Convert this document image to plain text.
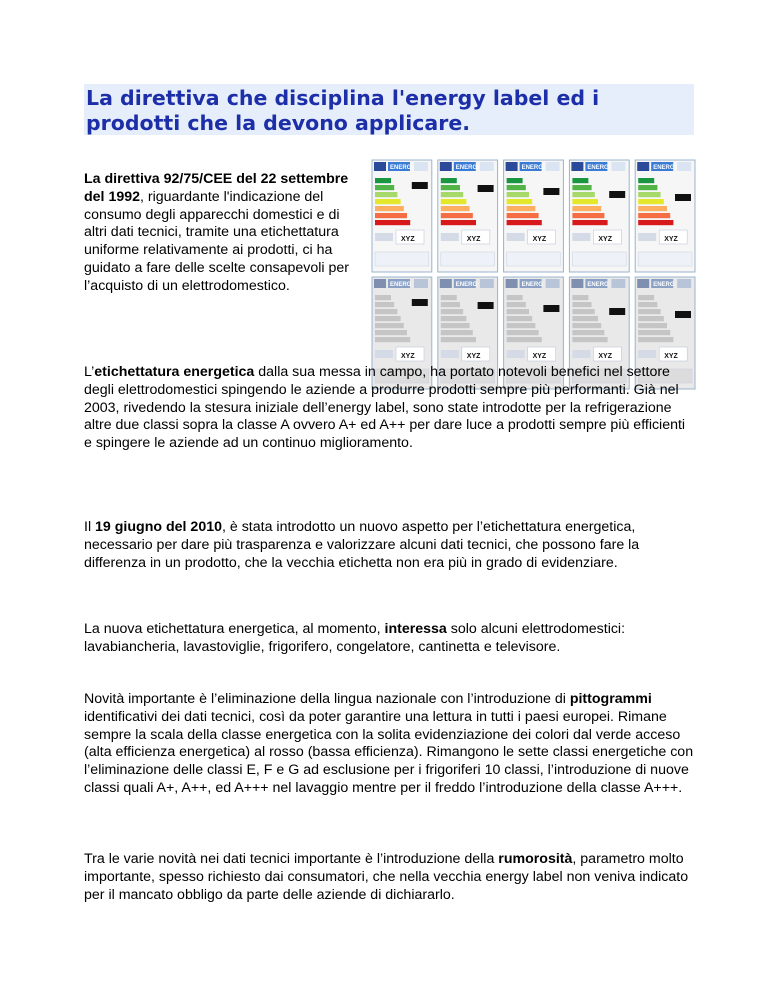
La direttiva che disciplina l'energy label ed i prodotti che la devono applicare.

La direttiva 92/75/CEE del 22 settembre del 1992, riguardante l'indicazione del consumo degli apparecchi domestici e di altri dati tecnici, tramite una etichettatura uniforme relativamente ai prodotti, ci ha guidato a fare delle scelte consapevoli per l’acquisto di un elettrodomestico.

ENERG
XYZ
ENERG
XYZ
ENERG
XYZ
ENERG
XYZ
ENERG
XYZ
ENERG
XYZ
ENERG
XYZ
ENERG
XYZ
ENERG
XYZ
ENERG
XYZ

L’etichettatura energetica dalla sua messa in campo, ha portato notevoli benefici nel settore degli elettrodomestici spingendo le aziende a produrre prodotti sempre più performanti. Già nel 2003, rivedendo la stesura iniziale dell’energy label, sono state introdotte per la refrigerazione altre due classi sopra la classe A ovvero A+ ed A++ per dare luce a prodotti sempre più efficienti e spingere le aziende ad un continuo miglioramento.

Il 19 giugno del 2010, è stata introdotto un nuovo aspetto per l’etichettatura energetica, necessario per dare più trasparenza e valorizzare alcuni dati tecnici, che possono fare la differenza in un prodotto, che la vecchia etichetta non era più in grado di evidenziare.

La nuova etichettatura energetica, al momento, interessa solo alcuni elettrodomestici: lavabiancheria, lavastoviglie, frigorifero, congelatore, cantinetta e televisore.

Novità importante è l’eliminazione della lingua nazionale con l’introduzione di pittogrammi identificativi dei dati tecnici, così da poter garantire una lettura in tutti i paesi europei. Rimane sempre la scala della classe energetica con la solita evidenziazione dei colori dal verde acceso (alta efficienza energetica) al rosso (bassa efficienza). Rimangono le sette classi energetiche con l’eliminazione delle classi E, F e G ad esclusione per i frigoriferi 10 classi, l’introduzione di nuove classi quali A+, A++, ed A+++ nel lavaggio mentre per il freddo l’introduzione della classe A+++.

Tra le varie novità nei dati tecnici importante è l’introduzione della rumorosità, parametro molto importante, spesso richiesto dai consumatori, che nella vecchia energy label non veniva indicato per il mancato obbligo da parte delle aziende di dichiararlo.
